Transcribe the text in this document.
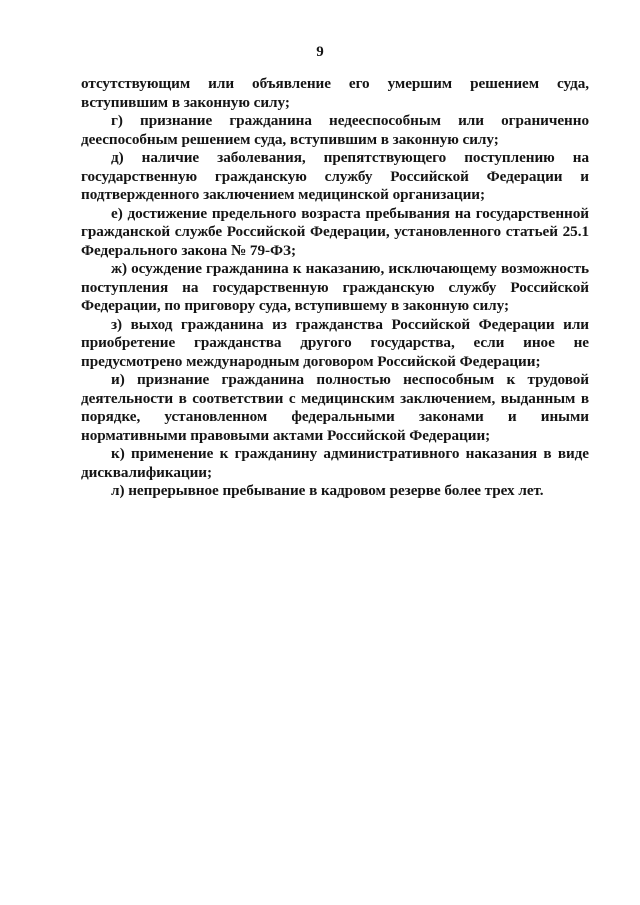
9

отсутствующим или объявление его умершим решением суда, вступившим в законную силу;

г) признание гражданина недееспособным или ограниченно дееспособным решением суда, вступившим в законную силу;

д) наличие заболевания, препятствующего поступлению на государственную гражданскую службу Российской Федерации и подтвержденного заключением медицинской организации;

е) достижение предельного возраста пребывания на государственной гражданской службе Российской Федерации, установленного статьей 25.1 Федерального закона № 79-ФЗ;

ж) осуждение гражданина к наказанию, исключающему возможность поступления на государственную гражданскую службу Российской Федерации, по приговору суда, вступившему в законную силу;

з) выход гражданина из гражданства Российской Федерации или приобретение гражданства другого государства, если иное не предусмотрено международным договором Российской Федерации;

и) признание гражданина полностью неспособным к трудовой деятельности в соответствии с медицинским заключением, выданным в порядке, установленном федеральными законами и иными нормативными правовыми актами Российской Федерации;

к) применение к гражданину административного наказания в виде дисквалификации;

л) непрерывное пребывание в кадровом резерве более трех лет.
